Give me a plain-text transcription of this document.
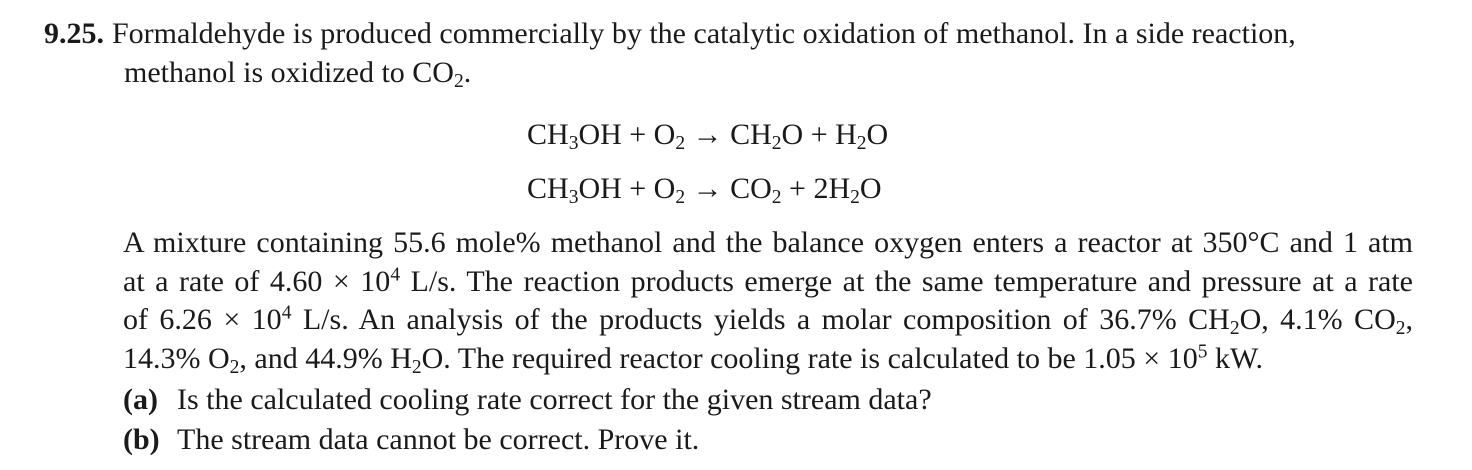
9.25. Formaldehyde is produced commercially by the catalytic oxidation of methanol. In a side reaction,
methanol is oxidized to $CO_2$.
$CH_3OH + O_2 \to CH_2O + H_2O$
$CH_3OH + O_2 \to CO_2 + 2H_2O$
A mixture containing 55.6 mole% methanol and the balance oxygen enters a reactor at 350°C and 1 atm
at a rate of $4.60 \times 10^4$ L/s. The reaction products emerge at the same temperature and pressure at a rate
of $6.26 \times 10^4$ L/s. An analysis of the products yields a molar composition of 36.7% $CH_2O$, 4.1% $CO_2$,
14.3% $O_2$, and 44.9% $H_2O$. The required reactor cooling rate is calculated to be $1.05 \times 10^5$ kW.
(a) Is the calculated cooling rate correct for the given stream data?
(b) The stream data cannot be correct. Prove it.
